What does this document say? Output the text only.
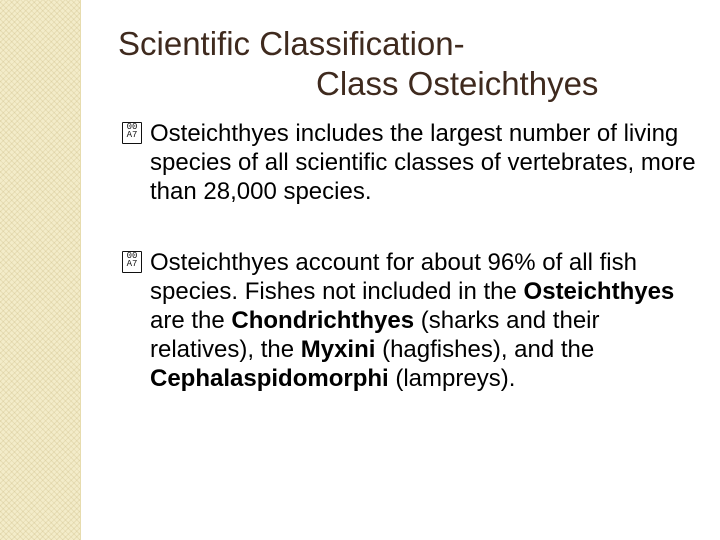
Scientific Classification-
Class Osteichthyes
00
A7 Osteichthyes includes the largest number of living species of all scientific classes of vertebrates, more than 28,000 species.
00
A7 Osteichthyes account for about 96% of all fish species. Fishes not included in the Osteichthyes are the Chondrichthyes (sharks and their relatives), the Myxini (hagfishes), and the Cephalaspidomorphi (lampreys).
